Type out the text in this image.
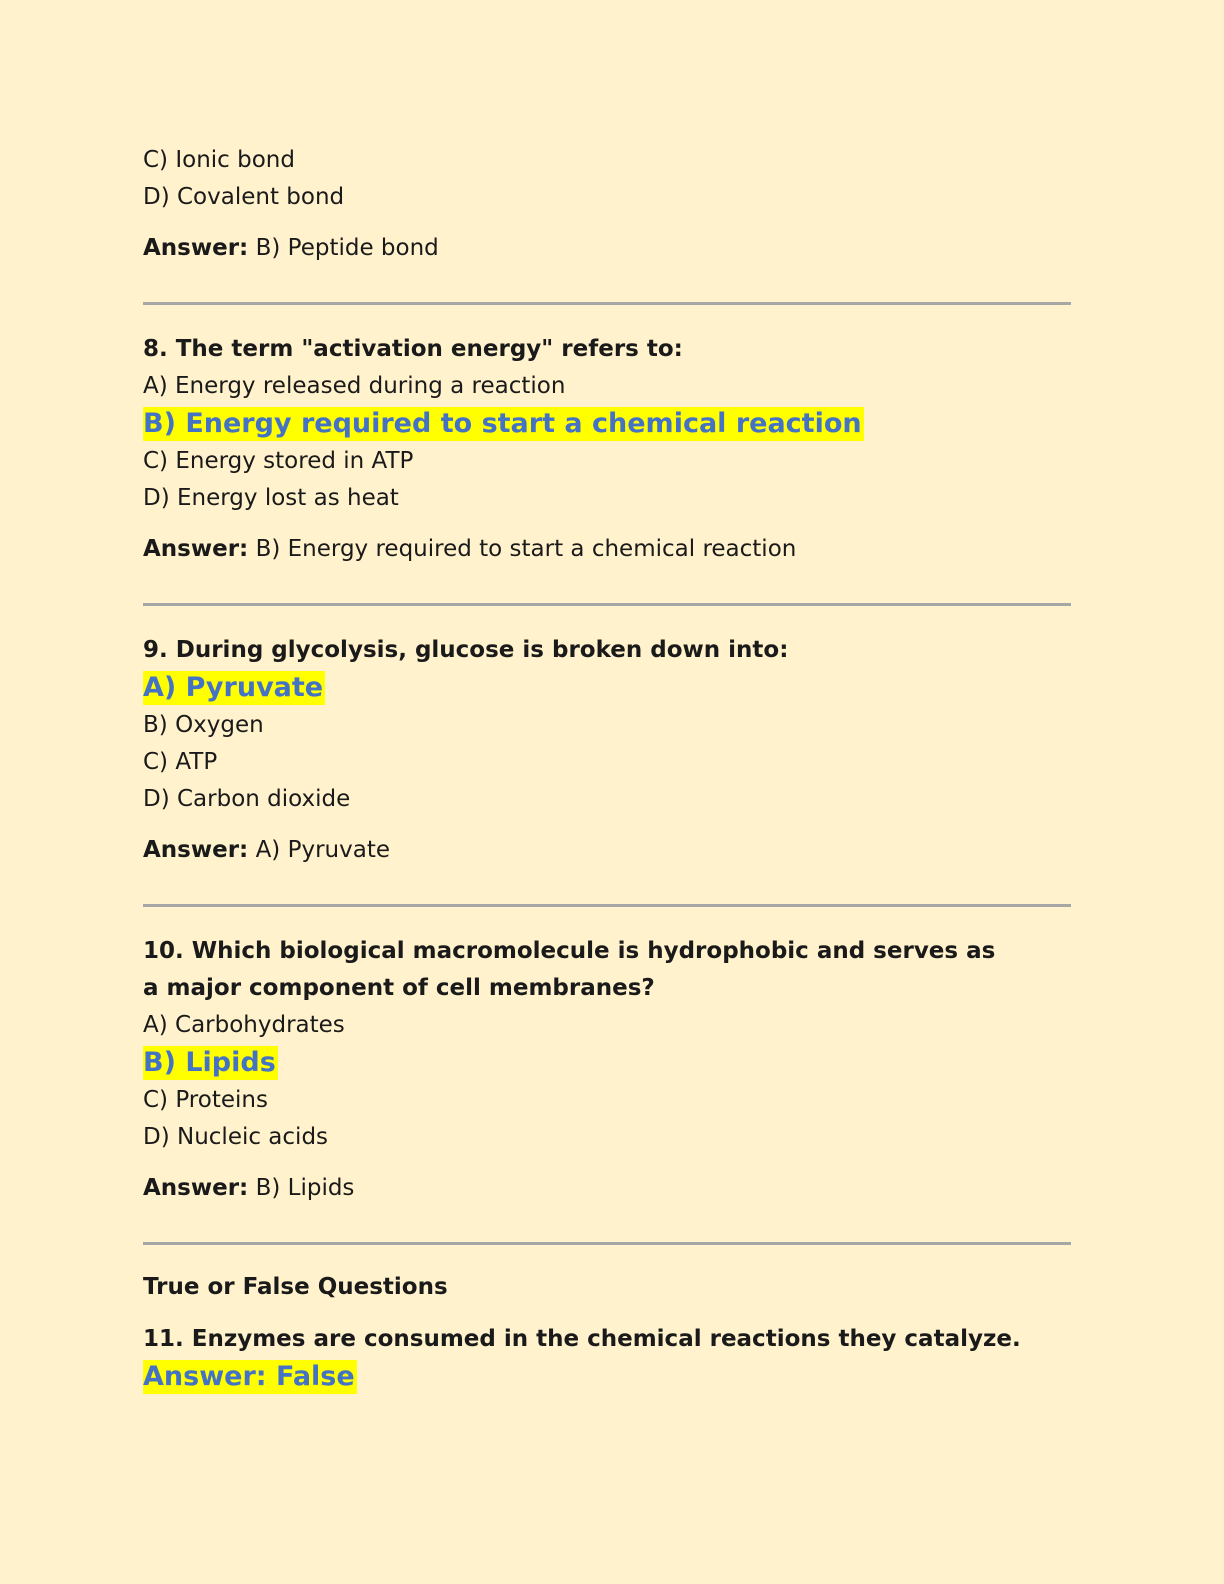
C) Ionic bond
D) Covalent bond
Answer: B) Peptide bond
8. The term "activation energy" refers to:
A) Energy released during a reaction
B) Energy required to start a chemical reaction
C) Energy stored in ATP
D) Energy lost as heat
Answer: B) Energy required to start a chemical reaction
9. During glycolysis, glucose is broken down into:
A) Pyruvate
B) Oxygen
C) ATP
D) Carbon dioxide
Answer: A) Pyruvate
10. Which biological macromolecule is hydrophobic and serves as a major component of cell membranes?
A) Carbohydrates
B) Lipids
C) Proteins
D) Nucleic acids
Answer: B) Lipids
True or False Questions
11. Enzymes are consumed in the chemical reactions they catalyze.
Answer: False
